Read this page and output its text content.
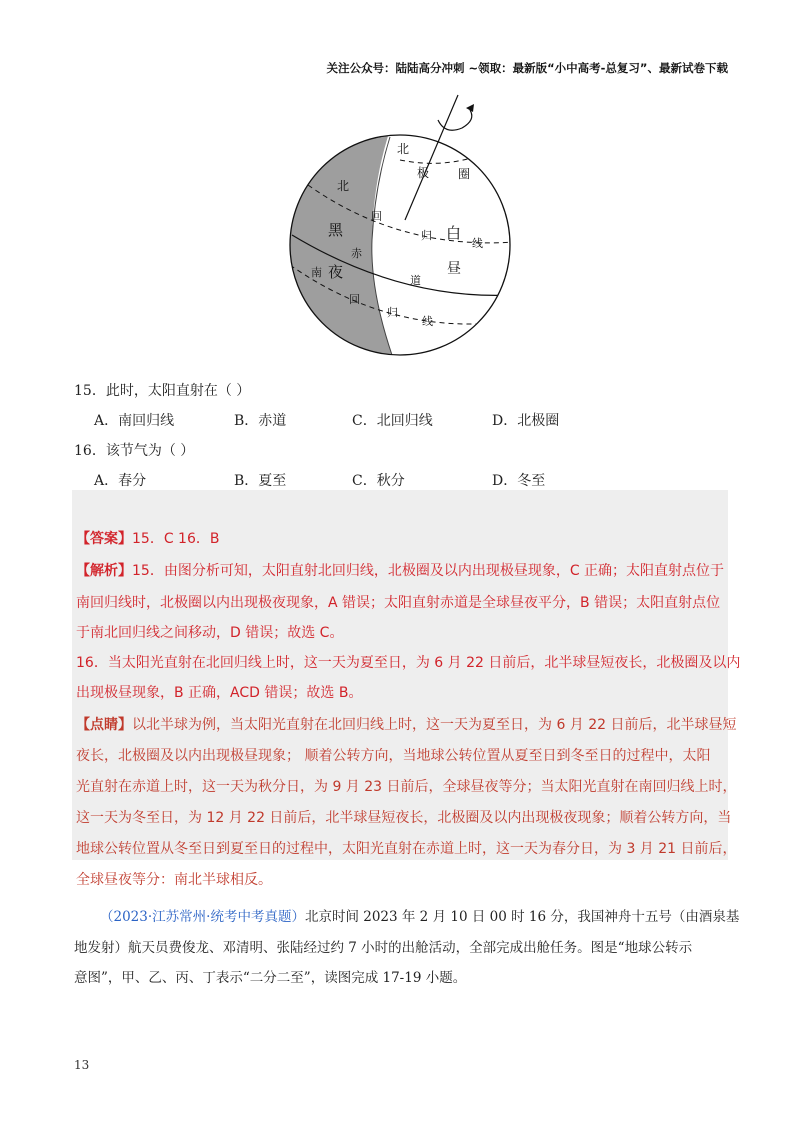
关注公众号：陆陆高分冲刺 ~领取：最新版“小中高考-总复习”、最新试卷下载
北
极 圈
北
回
归
线
黑
赤
白
南 夜	道
昼
回
归
线
15．此时，太阳直射在（ ）
A．南回归线	B．赤道	C．北回归线	D．北极圈
16．该节气为（ ）
A．春分	B．夏至	C．秋分	D．冬至
【答案】15．C 16．B
【解析】15．由图分析可知，太阳直射北回归线，北极圈及以内出现极昼现象，C 正确；太阳直射点位于
南回归线时，北极圈以内出现极夜现象，A 错误；太阳直射赤道是全球昼夜平分，B 错误；太阳直射点位
于南北回归线之间移动，D 错误；故选 C。
16．当太阳光直射在北回归线上时，这一天为夏至日，为 6 月 22 日前后，北半球昼短夜长，北极圈及以内
出现极昼现象，B 正确，ACD 错误；故选 B。
【点睛】以北半球为例，当太阳光直射在北回归线上时，这一天为夏至日，为 6 月 22 日前后，北半球昼短
夜长，北极圈及以内出现极昼现象； 顺着公转方向，当地球公转位置从夏至日到冬至日的过程中，太阳
光直射在赤道上时，这一天为秋分日，为 9 月 23 日前后，全球昼夜等分；当太阳光直射在南回归线上时，
这一天为冬至日，为 12 月 22 日前后，北半球昼短夜长，北极圈及以内出现极夜现象；顺着公转方向，当
地球公转位置从冬至日到夏至日的过程中，太阳光直射在赤道上时，这一天为春分日，为 3 月 21 日前后，
全球昼夜等分：南北半球相反。
（2023·江苏常州·统考中考真题）北京时间 2023 年 2 月 10 日 00 时 16 分，我国神舟十五号（由酒泉基
地发射）航天员费俊龙、邓清明、张陆经过约 7 小时的出舱活动，全部完成出舱任务。图是“地球公转示
意图”，甲、乙、丙、丁表示“二分二至”，读图完成 17-19 小题。
13
